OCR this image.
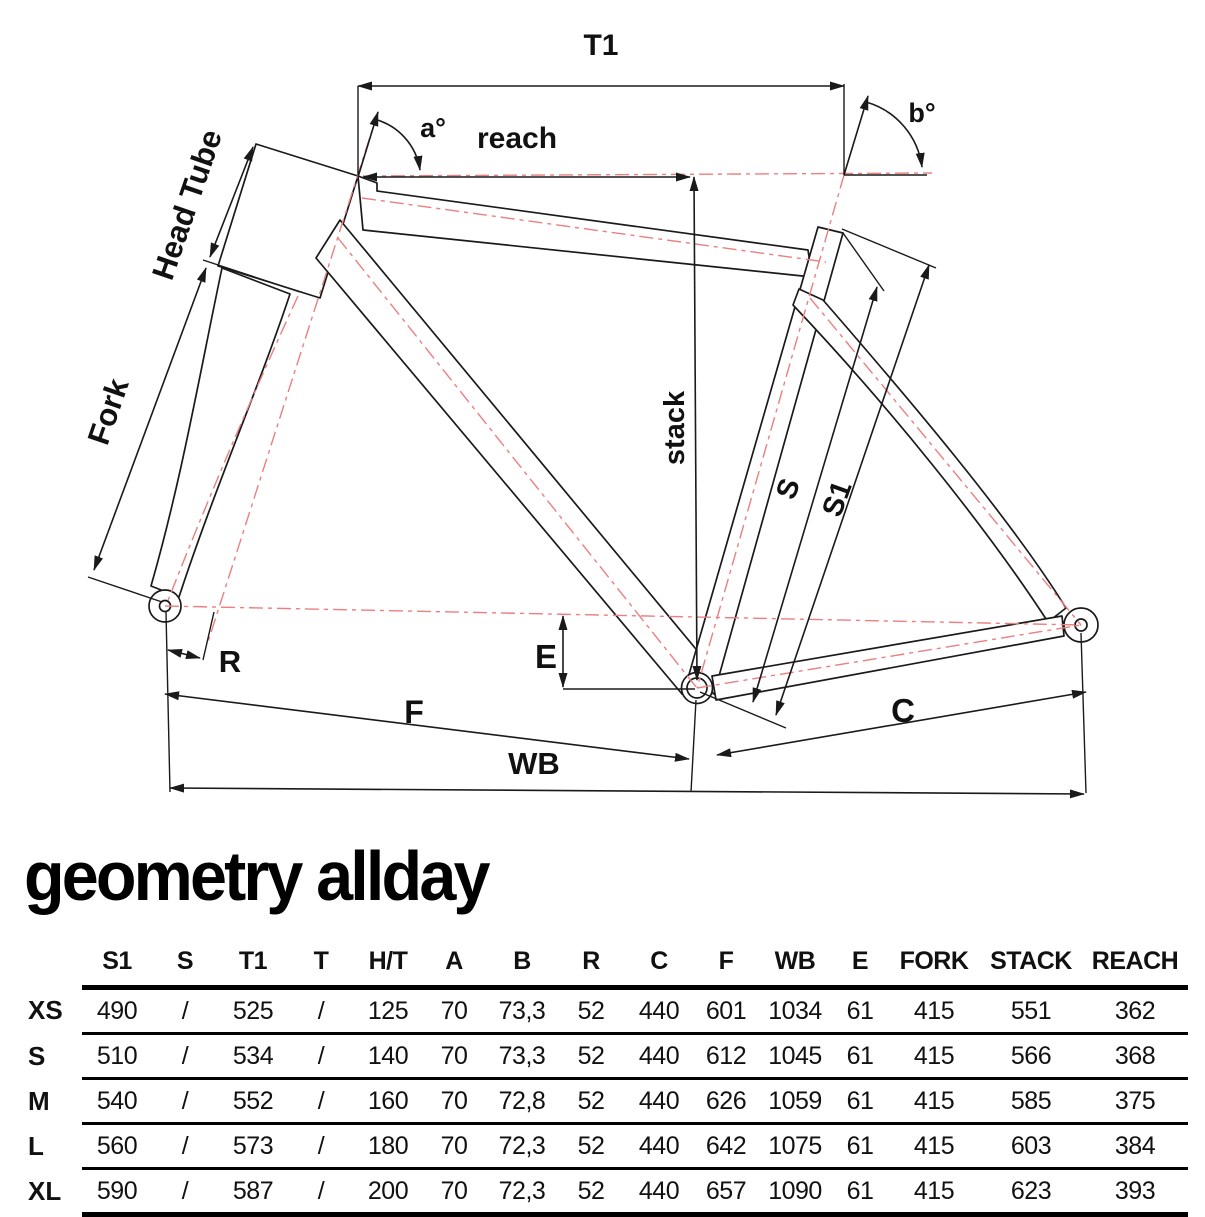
T1
a° reach
b°
Head Tube
Fork	stack
S S1
R	E
F	C
WB
geometry allday
	S1	S	T1	T	H/T	A	B	R	C	F	WB	E	FORK	STACK	REACH
XS	490	/	525	/	125	70	73,3	52	440	601	1034	61	415	551	362
S	510	/	534	/	140	70	73,3	52	440	612	1045	61	415	566	368
M	540	/	552	/	160	70	72,8	52	440	626	1059	61	415	585	375
L	560	/	573	/	180	70	72,3	52	440	642	1075	61	415	603	384
XL	590	/	587	/	200	70	72,3	52	440	657	1090	61	415	623	393
